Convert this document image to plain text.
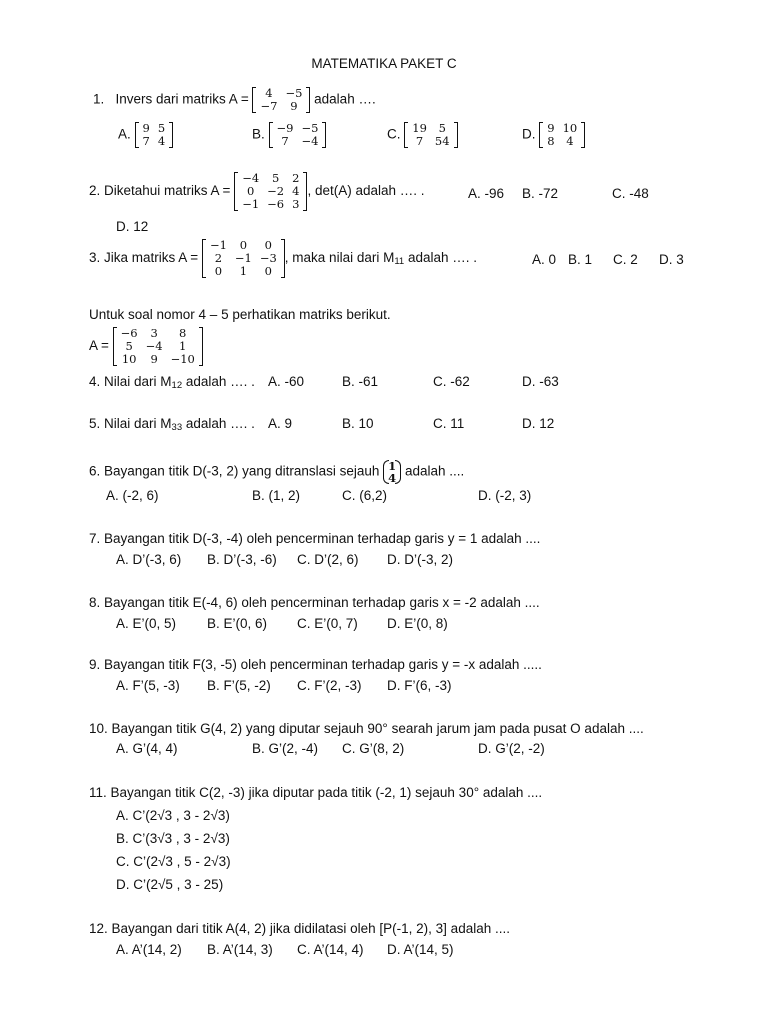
MATEMATIKA PAKET C
1. Invers dari matriks A = 4	−5
−7	9 adalah ….
A. 9	5
7	4	B. −9	−5
7	−4	C. 19	5
7	54	D. 9	10
8	4
2. Diketahui matriks A =
−4	5	2
0	−2	4
−1	−6	3
, det(A) adalah …. .	A. -96 B. -72	C. -48
D. 12
3. Jika matriks A =
−1	0	0
2	−1	−3
0	1	0
, maka nilai dari $M_{11}$ adalah …. .	A. 0 B. 1 C. 2 D. 3
Untuk soal nomor 4 – 5 perhatikan matriks berikut.
A =
−6	3	8
5	−4	1
10	9	−10
4. Nilai dari $M_{12}$ adalah …. . A. -60	B. -61	C. -62	D. -63
5. Nilai dari $M_{33}$ adalah …. . A. 9	B. 10	C. 11	D. 12
6. Bayangan titik D(-3, 2) yang ditranslasi sejauh 1
4 adalah ....
A. (-2, 6)	B. (1, 2)	C. (6,2)	D. (-2, 3)
7. Bayangan titik D(-3, -4) oleh pencerminan terhadap garis y = 1 adalah ....
A. D’(-3, 6) B. D’(-3, -6) C. D’(2, 6) D. D’(-3, 2)
8. Bayangan titik E(-4, 6) oleh pencerminan terhadap garis x = -2 adalah ....
A. E’(0, 5) B. E’(0, 6) C. E’(0, 7) D. E’(0, 8)
9. Bayangan titik F(3, -5) oleh pencerminan terhadap garis y = -x adalah .....
A. F’(5, -3) B. F’(5, -2) C. F’(2, -3) D. F’(6, -3)
10. Bayangan titik G(4, 2) yang diputar sejauh 90° searah jarum jam pada pusat O adalah ....
A. G’(4, 4)	B. G’(2, -4) C. G’(8, 2)	D. G’(2, -2)
11. Bayangan titik C(2, -3) jika diputar pada titik (-2, 1) sejauh 30° adalah ....
A. C’(2√3 , 3 - 2√3)
B. C’(3√3 , 3 - 2√3)
C. C’(2√3 , 5 - 2√3)
D. C’(2√5 , 3 - 25)
12. Bayangan dari titik A(4, 2) jika didilatasi oleh [P(-1, 2), 3] adalah ....
A. A’(14, 2) B. A’(14, 3) C. A’(14, 4) D. A’(14, 5)
